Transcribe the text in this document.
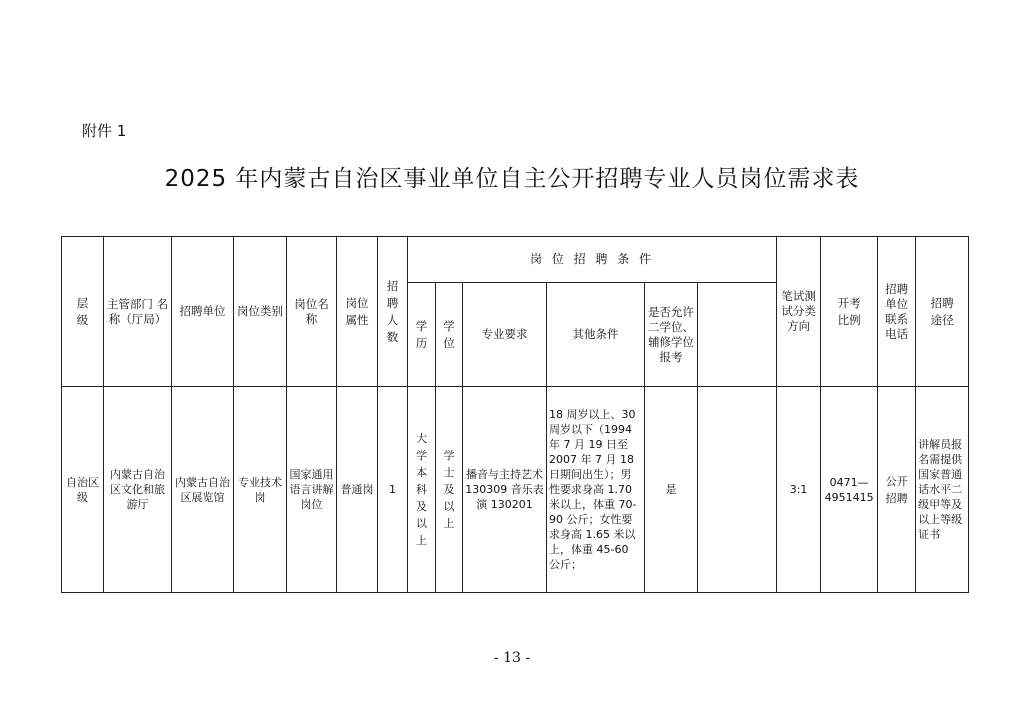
附件 1
2025 年内蒙古自治区事业单位自主公开招聘专业人员岗位需求表
层级	主管部门 名称（厅局）	招聘单位	岗位类别	岗位名称	岗位属性	招聘人数	岗 位 招 聘 条 件						笔试测试分类方向	开考比例	招聘单位联系电话	招聘途径	
							学历	学位	专业要求	其他条件	是否允许二学位、辅修学位报考						
自治区级	内蒙古自治区文化和旅游厅	内蒙古自治区展览馆	专业技术岗	国家通用语言讲解岗位	普通岗	1	大学本科及以上	学士及以上	播音与主持艺术 130309 音乐表演 130201	18 周岁以上、30 周岁以下（1994 年 7 月 19 日至 2007 年 7 月 18 日期间出生）；男性要求身高 1.70 米以上，体重 70-90 公斤；女性要求身高 1.65 米以上，体重 45-60 公斤；	是		3:1	0471—4951415	公开招聘	讲解员报名需提供国家普通话水平二级甲等及以上等级证书	
- 13 -
